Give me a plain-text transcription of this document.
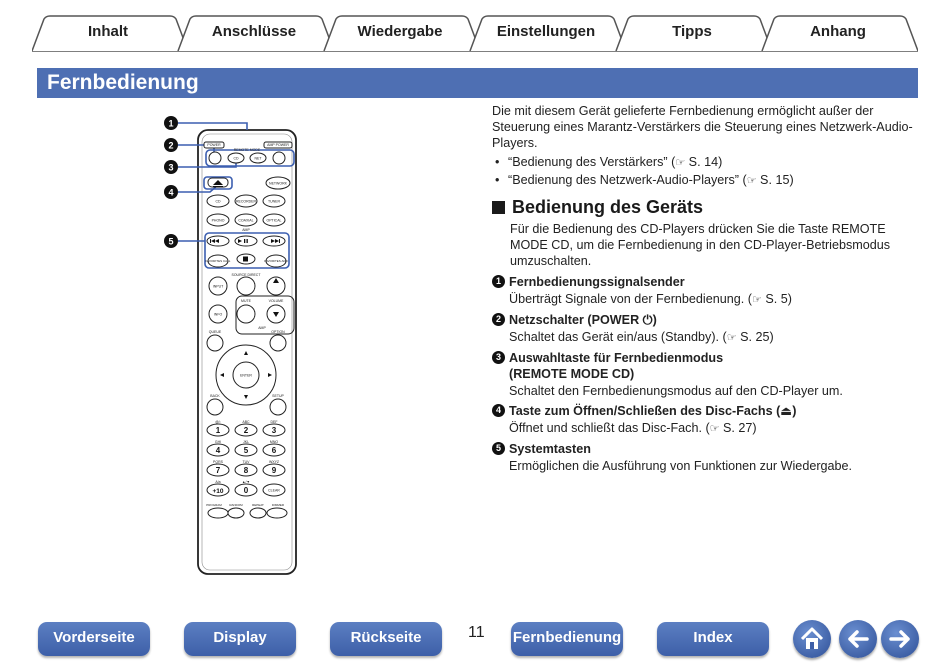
Inhalt	Anschlüsse	Wiedergabe	Einstellungen	Tipps	Anhang
Fernbedienung
1
2
3
4
5
POWER	AMP POWER
REMOTE MODE
CD	NET
NETWORK
CD	RECORDER	TUNER
PHONO	COAXIAL	OPTICAL
AMP
FAVORITES CALL	FAVORITES ADD
SOURCE DIRECT
INPUT
MUTE	VOLUME
INFO
QUEUE	OPTION
AMP
ENTER
BACK	SETUP
@/:	ABC	DEF
GHI	JKL	MNO
PQRS	TUV	WXYZ
A/a	▲/▼
CLEAR
PROGRAM	RANDOM	REPEAT	DIMMER
1	2	3
4	5	6
7	8	9
+10	0

Die mit diesem Gerät gelieferte Fernbedienung ermöglicht außer der Steuerung eines Marantz-Verstärkers die Steuerung eines Netzwerk-Audio-Players.

• “Bedienung des Verstärkers” (☞ S. 14)
• “Bedienung des Netzwerk-Audio-Players” (☞ S. 15)
Bedienung des Geräts

Für die Bedienung des CD-Players drücken Sie die Taste REMOTE MODE CD, um die Fernbedienung in den CD-Player-Betriebsmodus umzuschalten.

1 Fernbedienungssignalsender
Überträgt Signale von der Fernbedienung. (☞ S. 5)
2 Netzschalter (POWER ⏻)
Schaltet das Gerät ein/aus (Standby). (☞ S. 25)
3 Auswahltaste für Fernbedienmodus
(REMOTE MODE CD)
Schaltet den Fernbedienungsmodus auf den CD-Player um.
4 Taste zum Öffnen/Schließen des Disc-Fachs (⏏)
Öffnet und schließt das Disc-Fach. (☞ S. 27)
5 Systemtasten
Ermöglichen die Ausführung von Funktionen zur Wiedergabe.
Vorderseite	Display	Rückseite	11 Fernbedienung	Index
